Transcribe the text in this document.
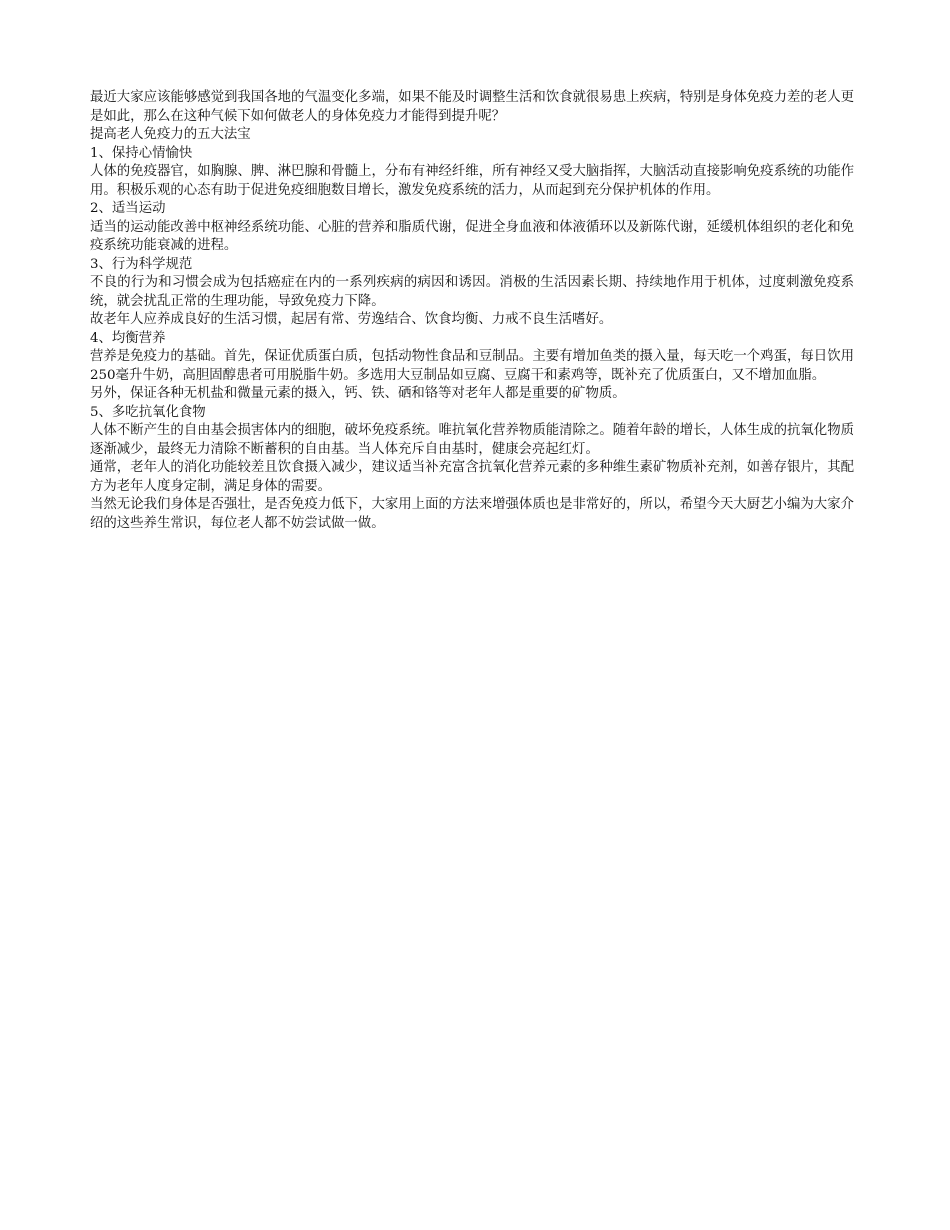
最近大家应该能够感觉到我国各地的气温变化多端，如果不能及时调整生活和饮食就很易患上疾病，特别是身体免疫力差的老人更是如此，那么在这种气候下如何做老人的身体免疫力才能得到提升呢？

提高老人免疫力的五大法宝

1、保持心情愉快

人体的免疫器官，如胸腺、脾、淋巴腺和骨髓上，分布有神经纤维，所有神经又受大脑指挥，大脑活动直接影响免疫系统的功能作用。积极乐观的心态有助于促进免疫细胞数目增长，激发免疫系统的活力，从而起到充分保护机体的作用。

2、适当运动

适当的运动能改善中枢神经系统功能、心脏的营养和脂质代谢，促进全身血液和体液循环以及新陈代谢，延缓机体组织的老化和免疫系统功能衰减的进程。

3、行为科学规范

不良的行为和习惯会成为包括癌症在内的一系列疾病的病因和诱因。消极的生活因素长期、持续地作用于机体，过度刺激免疫系统，就会扰乱正常的生理功能，导致免疫力下降。

故老年人应养成良好的生活习惯，起居有常、劳逸结合、饮食均衡、力戒不良生活嗜好。

4、均衡营养

营养是免疫力的基础。首先，保证优质蛋白质，包括动物性食品和豆制品。主要有增加鱼类的摄入量，每天吃一个鸡蛋，每日饮用250毫升牛奶，高胆固醇患者可用脱脂牛奶。多选用大豆制品如豆腐、豆腐干和素鸡等，既补充了优质蛋白，又不增加血脂。

另外，保证各种无机盐和微量元素的摄入，钙、铁、硒和铬等对老年人都是重要的矿物质。

5、多吃抗氧化食物

人体不断产生的自由基会损害体内的细胞，破坏免疫系统。唯抗氧化营养物质能清除之。随着年龄的增长，人体生成的抗氧化物质逐渐减少，最终无力清除不断蓄积的自由基。当人体充斥自由基时，健康会亮起红灯。

通常，老年人的消化功能较差且饮食摄入减少，建议适当补充富含抗氧化营养元素的多种维生素矿物质补充剂，如善存银片，其配方为老年人度身定制，满足身体的需要。

当然无论我们身体是否强壮，是否免疫力低下，大家用上面的方法来增强体质也是非常好的，所以，希望今天大厨艺小编为大家介绍的这些养生常识，每位老人都不妨尝试做一做。
